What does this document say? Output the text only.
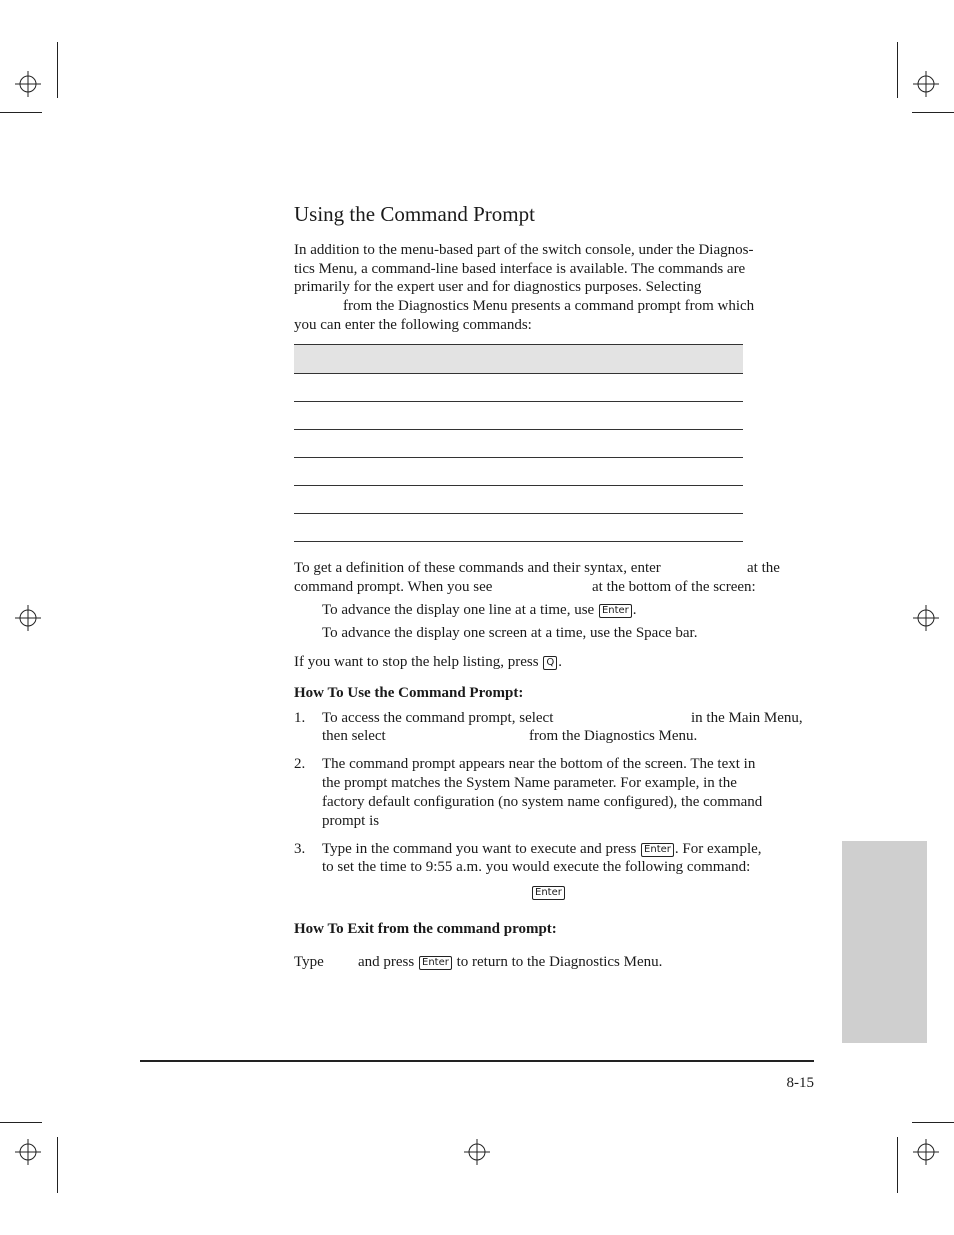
Using the Command Prompt
In addition to the menu-based part of the switch console, under the Diagnos-
tics Menu, a command-line based interface is available. The commands are
primarily for the expert user and for diagnostics purposes. Selecting
from the Diagnostics Menu presents a command prompt from which
you can enter the following commands:
To get a definition of these commands and their syntax, enter	at the
command prompt. When you see	at the bottom of the screen:
To advance the display one line at a time, use Enter .
To advance the display one screen at a time, use the Space bar.
If you want to stop the help listing, press Q .
How To Use the Command Prompt:
1. To access the command prompt, select	in the Main Menu,
then select	from the Diagnostics Menu.
2. The command prompt appears near the bottom of the screen. The text in
the prompt matches the System Name parameter. For example, in the
factory default configuration (no system name configured), the command
prompt is
3. Type in the command you want to execute and press Enter . For example,
to set the time to 9:55 a.m. you would execute the following command:
Enter
How To Exit from the command prompt:
Type and press Enter to return to the Diagnostics Menu.
8-15
